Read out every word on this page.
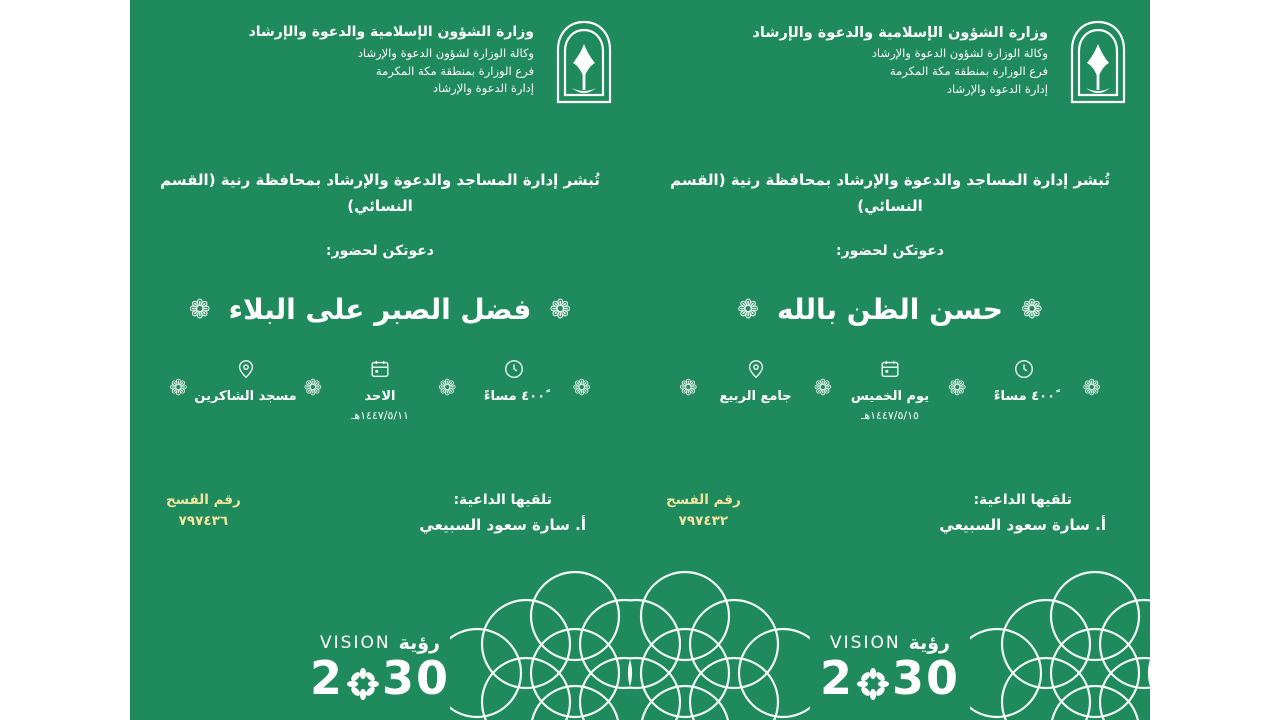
وزارة الشؤون الإسلامية والدعوة والإرشاد
وكالة الوزارة لشؤون الدعوة والإرشاد
فرع الوزارة بمنطقة مكة المكرمة
إدارة الدعوة والإرشاد
تُبشر إدارة المساجد والدعوة والإرشاد بمحافظة رنية (القسم النسائي)
دعوتكن لحضور:
❁
فضل الصبر على البلاء
❁
❁
٤٠٠ً مساءً
❁
الاحد
١٤٤٧/٥/١١هـ
❁
مسجد الشاكرين
❁
تلقيها الداعية:
أ. سارة سعود السبيعي
رقم الفسح
٧٩٧٤٣٦
VISION رؤية
2 30
وزارة الشؤون الإسلامية والدعوة والإرشاد
وكالة الوزارة لشؤون الدعوة والإرشاد
فرع الوزارة بمنطقة مكة المكرمة
إدارة الدعوة والإرشاد
تُبشر إدارة المساجد والدعوة والإرشاد بمحافظة رنية (القسم النسائي)
دعوتكن لحضور:
❁
حسن الظن بالله
❁
❁
٤٠٠ً مساءً
❁
يوم الخميس
١٤٤٧/٥/١٥هـ
❁
جامع الربيع
❁
تلقيها الداعية:
أ. سارة سعود السبيعي
رقم الفسح
٧٩٧٤٣٢
VISION رؤية
2 30
